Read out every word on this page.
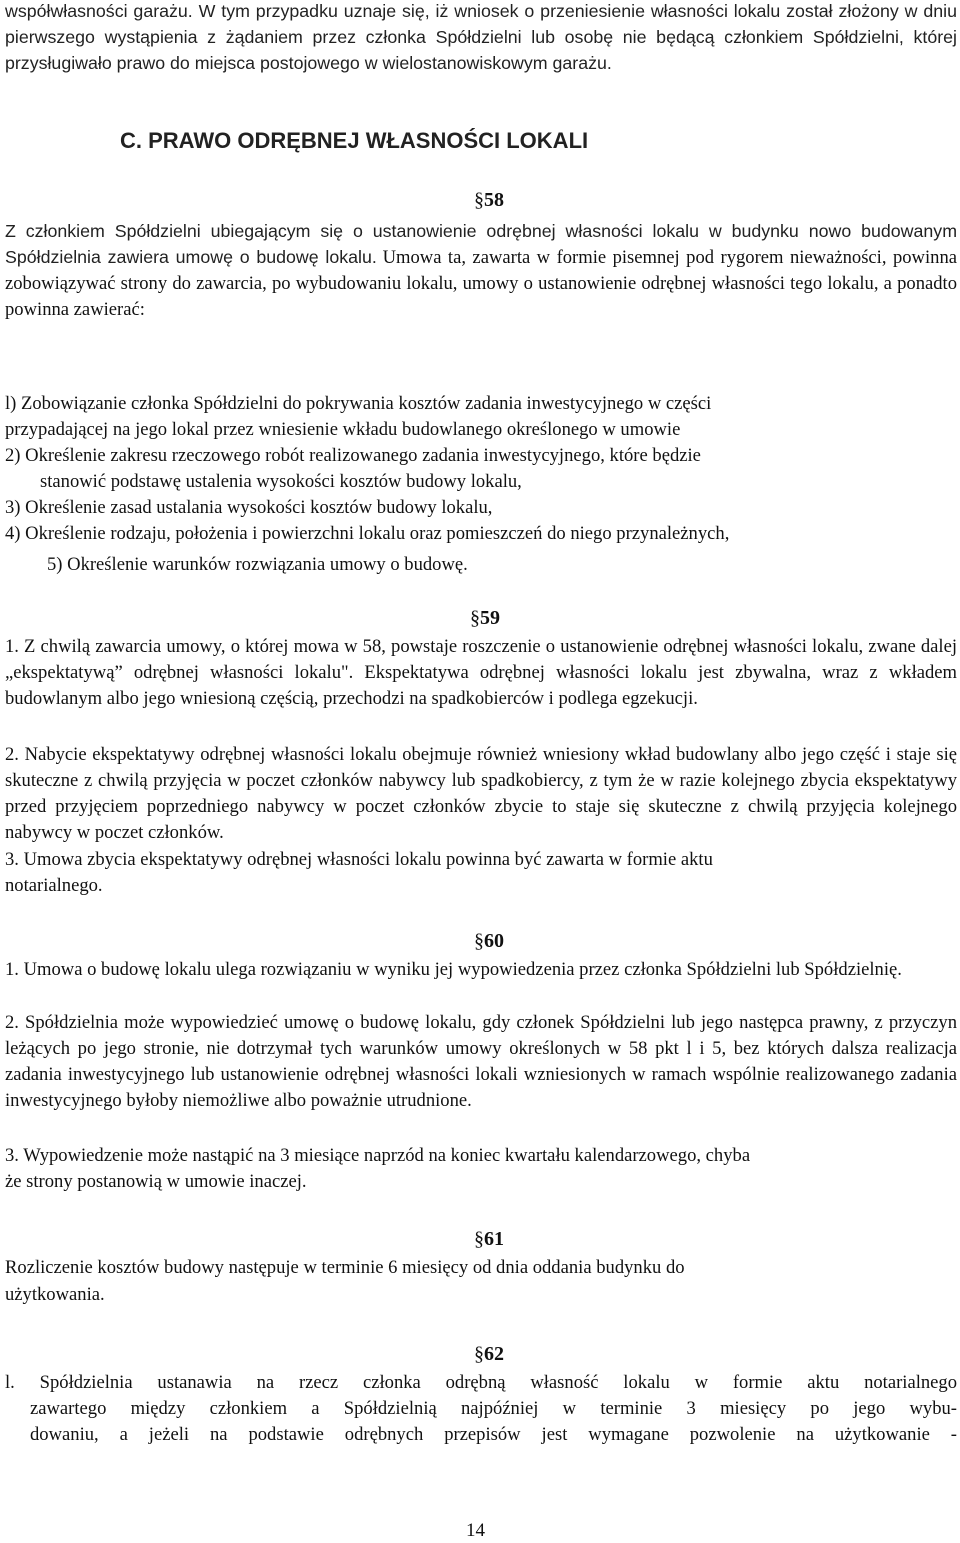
współwłasności garażu. W tym przypadku uznaje się, iż wniosek o przeniesienie własności lokalu został złożony w dniu pierwszego wystąpienia z żądaniem przez członka Spółdzielni lub osobę nie będącą członkiem Spółdzielni, której przysługiwało prawo do miejsca postojowego w wielostanowiskowym garażu.

C. PRAWO ODRĘBNEJ WŁASNOŚCI LOKALI

§58

Z członkiem Spółdzielni ubiegającym się o ustanowienie odrębnej własności lokalu w budynku nowo budowanym Spółdzielnia zawiera umowę o budowę lokalu. Umowa ta, zawarta w formie pisemnej pod rygorem nieważności, powinna zobowiązywać strony do zawarcia, po wybudowaniu lokalu, umowy o ustanowienie odrębnej własności tego lokalu, a ponadto powinna zawierać:

l) Zobowiązanie członka Spółdzielni do pokrywania kosztów zadania inwestycyjnego w części

przypadającej na jego lokal przez wniesienie wkładu budowlanego określonego w umowie

2) Określenie zakresu rzeczowego robót realizowanego zadania inwestycyjnego, które będzie

stanowić podstawę ustalenia wysokości kosztów budowy lokalu,

3) Określenie zasad ustalania wysokości kosztów budowy lokalu,

4) Określenie rodzaju, położenia i powierzchni lokalu oraz pomieszczeń do niego przynależnych,

5) Określenie warunków rozwiązania umowy o budowę.

§59

1. Z chwilą zawarcia umowy, o której mowa w 58, powstaje roszczenie o ustanowienie odrębnej własności lokalu, zwane dalej „ekspektatywą” odrębnej własności lokalu". Ekspektatywa odrębnej własności lokalu jest zbywalna, wraz z wkładem budowlanym albo jego wniesioną częścią, przechodzi na spadkobierców i podlega egzekucji.

2. Nabycie ekspektatywy odrębnej własności lokalu obejmuje również wniesiony wkład budowlany albo jego część i staje się skuteczne z chwilą przyjęcia w poczet członków nabywcy lub spadkobiercy, z tym że w razie kolejnego zbycia ekspektatywy przed przyjęciem poprzedniego nabywcy w poczet członków zbycie to staje się skuteczne z chwilą przyjęcia kolejnego nabywcy w poczet członków.

3. Umowa zbycia ekspektatywy odrębnej własności lokalu powinna być zawarta w formie aktu

notarialnego.

§60

1. Umowa o budowę lokalu ulega rozwiązaniu w wyniku jej wypowiedzenia przez członka Spółdzielni lub Spółdzielnię.

2. Spółdzielnia może wypowiedzieć umowę o budowę lokalu, gdy członek Spółdzielni lub jego następca prawny, z przyczyn leżących po jego stronie, nie dotrzymał tych warunków umowy określonych w 58 pkt l i 5, bez których dalsza realizacja zadania inwestycyjnego lub ustanowienie odrębnej własności lokali wzniesionych w ramach wspólnie realizowanego zadania inwestycyjnego byłoby niemożliwe albo poważnie utrudnione.

3. Wypowiedzenie może nastąpić na 3 miesiące naprzód na koniec kwartału kalendarzowego, chyba

że strony postanowią w umowie inaczej.

§61

Rozliczenie kosztów budowy następuje w terminie 6 miesięcy od dnia oddania budynku do

użytkowania.

§62

l. Spółdzielnia ustanawia na rzecz członka odrębną własność lokalu w formie aktu notarialnego

zawartego między członkiem a Spółdzielnią najpóźniej w terminie 3 miesięcy po jego wybu-

dowaniu, a jeżeli na podstawie odrębnych przepisów jest wymagane pozwolenie na użytkowanie -

14
